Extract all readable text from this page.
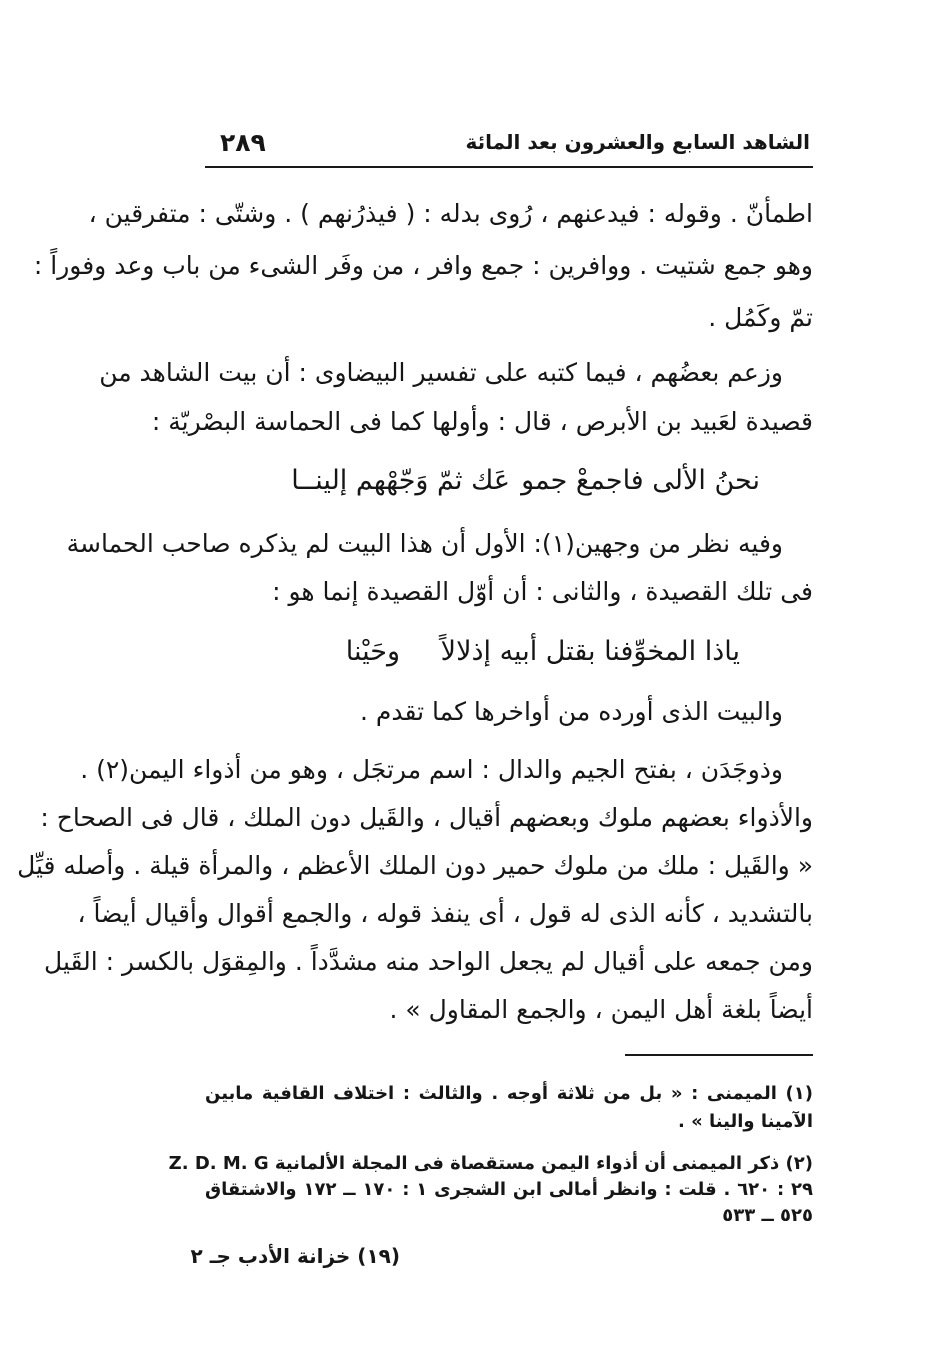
٢٨٩	الشاهد السابع والعشرون بعد المائة
اطمأنّ . وقوله : فيدعنهم ، رُوى بدله : ( فيذرُنهم ) . وشتّى : متفرقين ،
وهو جمع شتيت . ووافرين : جمع وافر ، من وفَر الشىء من باب وعد وفوراً :
تمّ وكَمُل .
وزعم بعضُهم ، فيما كتبه على تفسير البيضاوى : أن بيت الشاهد من
قصيدة لعَبيد بن الأبرص ، قال : وأولها كما فى الحماسة البصْريّة :
نحنُ الألى فاجمعْ جمو
عَك ثمّ وَجّهْهم إلينــا
وفيه نظر من وجهين(١): الأول أن هذا البيت لم يذكره صاحب الحماسة
فى تلك القصيدة ، والثانى : أن أوّل القصيدة إنما هو :
ياذا المخوِّفنا بقتل أبيه إذلالاً
وحَيْنا
والبيت الذى أورده من أواخرها كما تقدم .
وذوجَدَن ، بفتح الجيم والدال : اسم مرتجَل ، وهو من أذواء اليمن(٢) .
والأذواء بعضهم ملوك وبعضهم أقيال ، والقَيل دون الملك ، قال فى الصحاح :
« والقَيل : ملك من ملوك حمير دون الملك الأعظم ، والمرأة قيلة . وأصله قيِّل
بالتشديد ، كأنه الذى له قول ، أى ينفذ قوله ، والجمع أقوال وأقيال أيضاً ،
ومن جمعه على أقيال لم يجعل الواحد منه مشدَّداً . والمِقوَل بالكسر : القَيل
أيضاً بلغة أهل اليمن ، والجمع المقاول » .
(١) الميمنى : « بل من ثلاثة أوجه . والثالث : اختلاف القافية مابين
الآمينا والينا » .
(٢) ذكر الميمنى أن أذواء اليمن مستقصاة فى المجلة الألمانية Z. D. M. G
٢٩ : ٦٢٠ . قلت : وانظر أمالى ابن الشجرى ١ : ١٧٠ ــ ١٧٢ والاشتقاق
٥٢٥ ــ ٥٣٣
(١٩) خزانة الأدب جـ ٢
